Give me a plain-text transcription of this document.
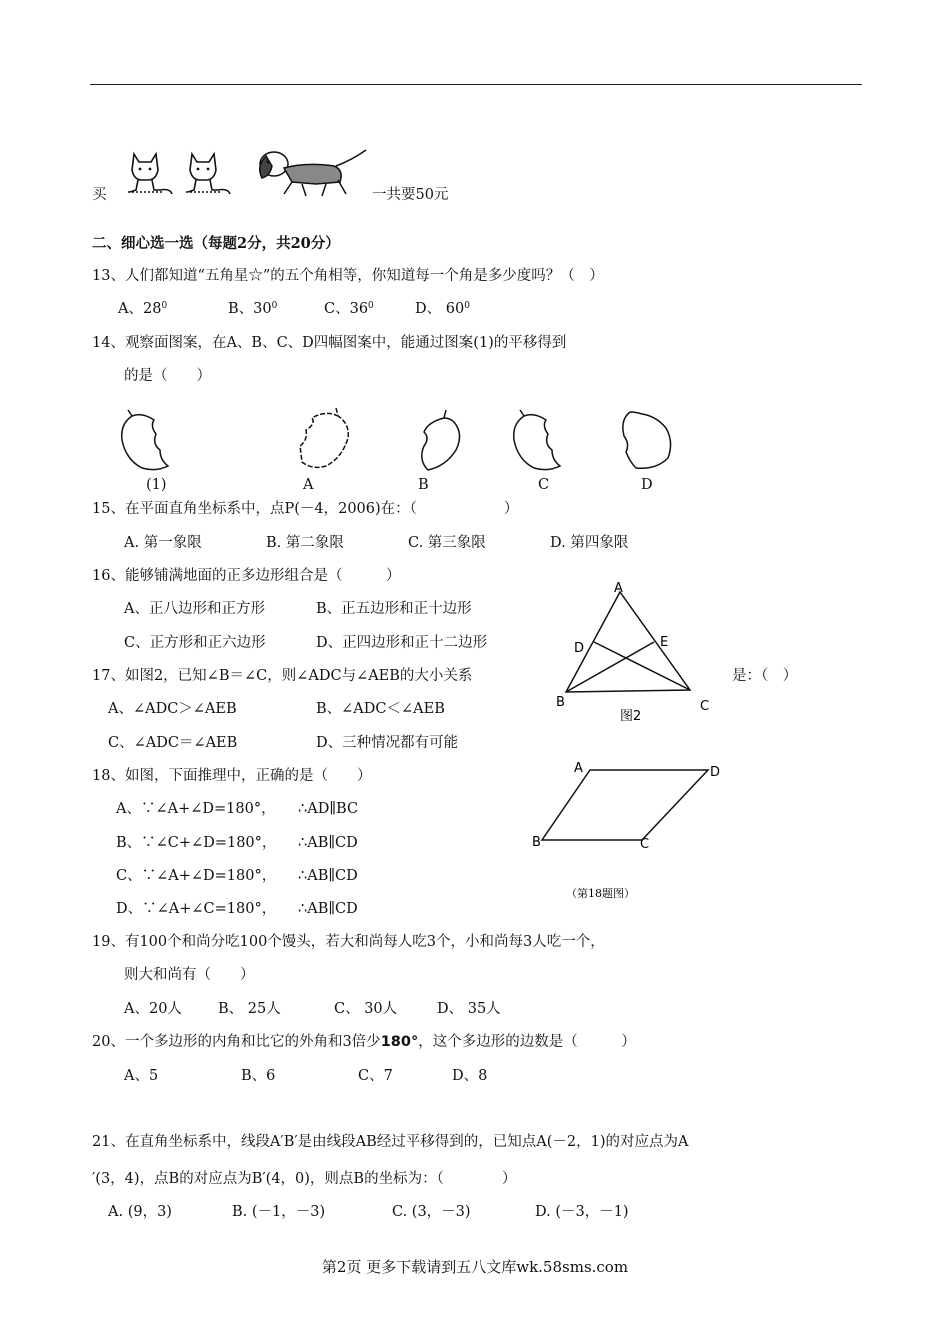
买	一共要50元
二、细心选一选（每题2分，共20分）
13、人们都知道“五角星☆”的五个角相等，你知道每一个角是多少度吗？（　）
A、$28^0$	B、$30^0$	C、$36^0$	D、 $60^0$
14、观察面图案，在A、B、C、D四幅图案中，能通过图案(1)的平移得到
的是（　　）
(1)	A	B	C	D
15、在平面直角坐标系中，点P(－4，2006)在：（　　　　　　）
A. 第一象限	B. 第二象限	C. 第三象限	D. 第四象限
16、能够铺满地面的正多边形组合是（　　　）
A、正八边形和正方形	B、正五边形和正十边形
C、正方形和正六边形	D、正四边形和正十二边形
A
D	E
B	C
图2
17、如图2，已知∠B＝∠C，则∠ADC与∠AEB的大小关系	是：（　）
A、∠ADC＞∠AEB	B、∠ADC＜∠AEB
C、∠ADC＝∠AEB	D、三种情况都有可能
18、如图，下面推理中，正确的是（　　）
A、∵∠A+∠D=180°， ∴AD∥BC
B、∵∠C+∠D=180°， ∴AB∥CD
C、∵∠A+∠D=180°， ∴AB∥CD
D、∵∠A+∠C=180°， ∴AB∥CD
A	D
B	C
（第18题图）
19、有100个和尚分吃100个馒头，若大和尚每人吃3个，小和尚每3人吃一个，
则大和尚有（　　）
A、20人 B、 25人	C、 30人	D、 35人
20、一个多边形的内角和比它的外角和3倍少180°，这个多边形的边数是（　　　）
A、5	B、6	C、7	D、8
21、在直角坐标系中，线段A′B′是由线段AB经过平移得到的，已知点A(－2，1)的对应点为A
′(3，4)，点B的对应点为B′(4，0)，则点B的坐标为：（　　　　）
A. (9，3)	B. (－1，－3)	C. (3，－3)	D. (－3，－1)
第2页 更多下载请到五八文库wk.58sms.com
